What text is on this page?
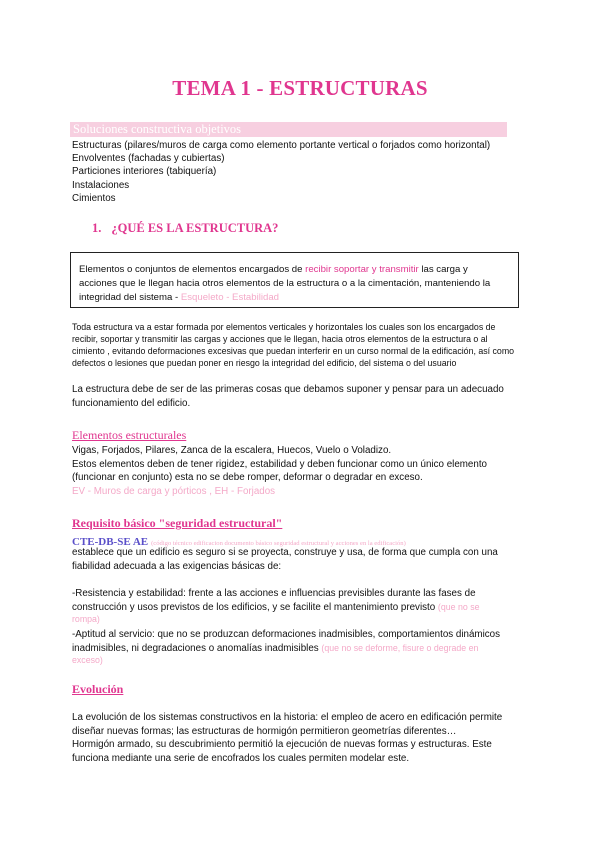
TEMA 1 - ESTRUCTURAS
Soluciones constructiva objetivos
Estructuras (pilares/muros de carga como elemento portante vertical o forjados como horizontal)
Envolventes (fachadas y cubiertas)
Particiones interiores (tabiquería)
Instalaciones
Cimientos
1. ¿QUÉ ES LA ESTRUCTURA?
Elementos o conjuntos de elementos encargados de recibir soportar y transmitir las carga y
acciones que le llegan hacia otros elementos de la estructura o a la cimentación, manteniendo la
integridad del sistema - Esqueleto - Estabilidad
Toda estructura va a estar formada por elementos verticales y horizontales los cuales son los encargados de
recibir, soportar y transmitir las cargas y acciones que le llegan, hacia otros elementos de la estructura o al
cimiento , evitando deformaciones excesivas que puedan interferir en un curso normal de la edificación, así como
defectos o lesiones que puedan poner en riesgo la integridad del edificio, del sistema o del usuario
La estructura debe de ser de las primeras cosas que debamos suponer y pensar para un adecuado
funcionamiento del edificio.
Elementos estructurales
Vigas, Forjados, Pilares, Zanca de la escalera, Huecos, Vuelo o Voladizo.
Estos elementos deben de tener rigidez, estabilidad y deben funcionar como un único elemento
(funcionar en conjunto) esta no se debe romper, deformar o degradar en exceso.
EV - Muros de carga y pórticos , EH - Forjados
Requisito básico "seguridad estructural"
CTE-DB-SE AE (código técnico edificacion documento básico seguridad estructural y acciones en la edificación)
establece que un edificio es seguro si se proyecta, construye y usa, de forma que cumpla con una
fiabilidad adecuada a las exigencias básicas de:
-Resistencia y estabilidad: frente a las acciones e influencias previsibles durante las fases de
construcción y usos previstos de los edificios, y se facilite el mantenimiento previsto (que no se
rompa)
-Aptitud al servicio: que no se produzcan deformaciones inadmisibles, comportamientos dinámicos
inadmisibles, ni degradaciones o anomalías inadmisibles (que no se deforme, fisure o degrade en
exceso)
Evolución
La evolución de los sistemas constructivos en la historia: el empleo de acero en edificación permite
diseñar nuevas formas; las estructuras de hormigón permitieron geometrías diferentes…
Hormigón armado, su descubrimiento permitió la ejecución de nuevas formas y estructuras. Este
funciona mediante una serie de encofrados los cuales permiten modelar este.
